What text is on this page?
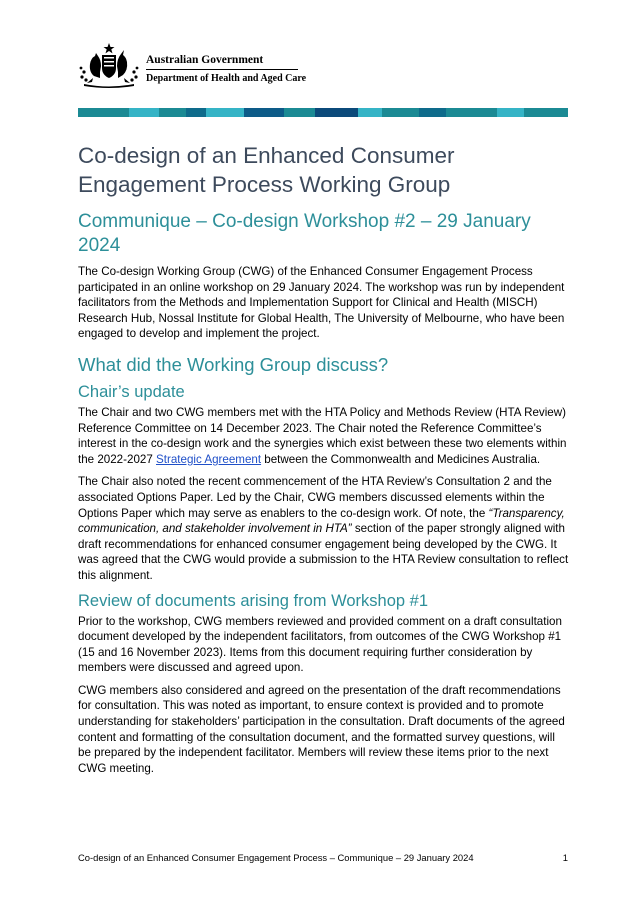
Australian Government
Department of Health and Aged Care
Co-design of an Enhanced Consumer Engagement Process Working Group
Communique – Co-design Workshop #2 – 29 January 2024

The Co-design Working Group (CWG) of the Enhanced Consumer Engagement Process participated in an online workshop on 29 January 2024. The workshop was run by independent facilitators from the Methods and Implementation Support for Clinical and Health (MISCH) Research Hub, Nossal Institute for Global Health, The University of Melbourne, who have been engaged to develop and implement the project.

What did the Working Group discuss?
Chair’s update

The Chair and two CWG members met with the HTA Policy and Methods Review (HTA Review) Reference Committee on 14 December 2023. The Chair noted the Reference Committee’s interest in the co-design work and the synergies which exist between these two elements within the 2022-2027 Strategic Agreement between the Commonwealth and Medicines Australia.

The Chair also noted the recent commencement of the HTA Review’s Consultation 2 and the associated Options Paper. Led by the Chair, CWG members discussed elements within the Options Paper which may serve as enablers to the co-design work. Of note, the “Transparency, communication, and stakeholder involvement in HTA” section of the paper strongly aligned with draft recommendations for enhanced consumer engagement being developed by the CWG. It was agreed that the CWG would provide a submission to the HTA Review consultation to reflect this alignment.

Review of documents arising from Workshop #1

Prior to the workshop, CWG members reviewed and provided comment on a draft consultation document developed by the independent facilitators, from outcomes of the CWG Workshop #1 (15 and 16 November 2023). Items from this document requiring further consideration by members were discussed and agreed upon.

CWG members also considered and agreed on the presentation of the draft recommendations for consultation. This was noted as important, to ensure context is provided and to promote understanding for stakeholders’ participation in the consultation. Draft documents of the agreed content and formatting of the consultation document, and the formatted survey questions, will be prepared by the independent facilitator. Members will review these items prior to the next CWG meeting.

Co-design of an Enhanced Consumer Engagement Process – Communique – 29 January 2024	1
